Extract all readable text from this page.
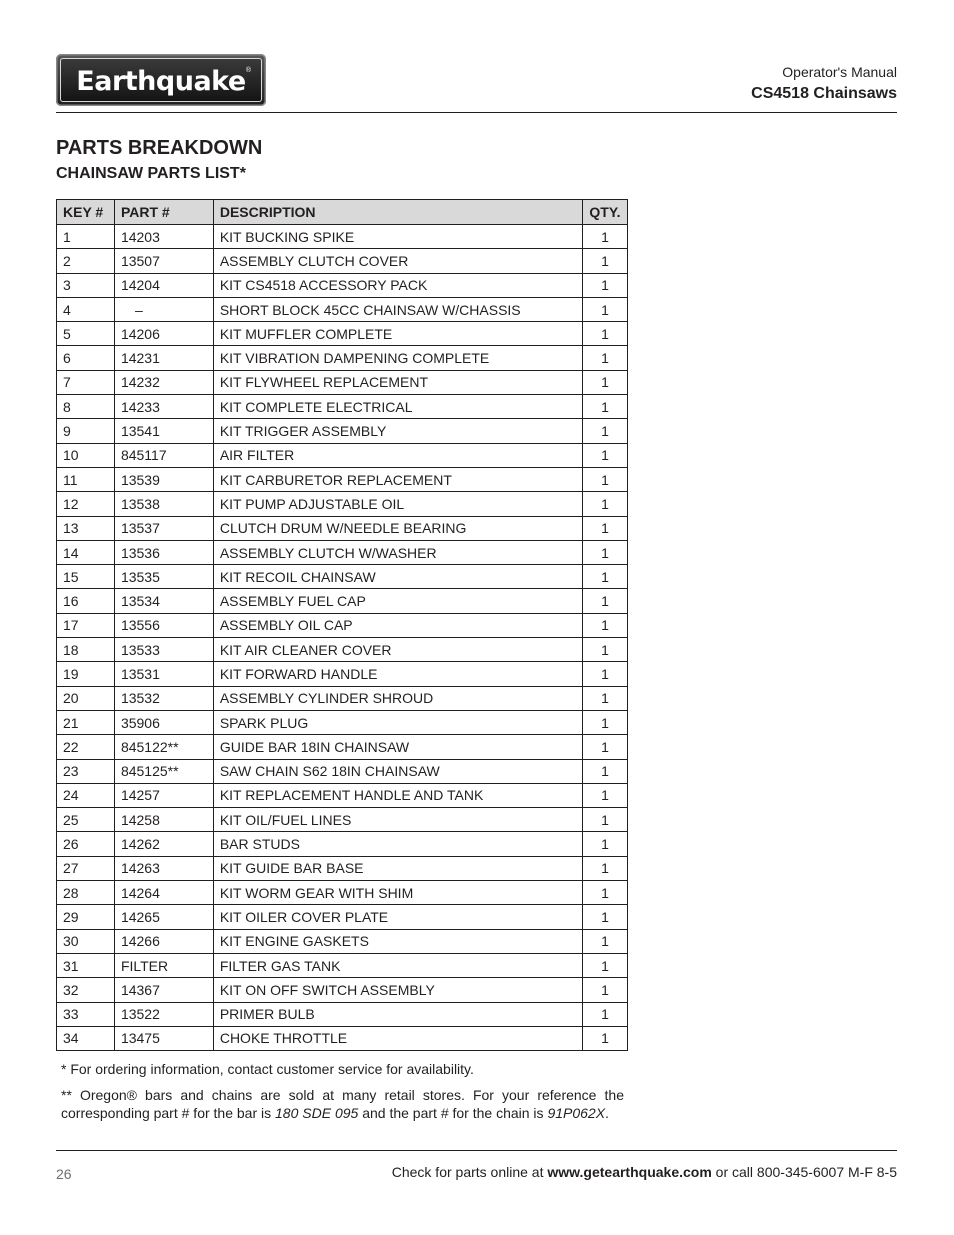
Earthquake ®	Operator's Manual
CS4518 Chainsaws
PARTS BREAKDOWN
CHAINSAW PARTS LIST*
KEY #	PART #	DESCRIPTION	QTY.
1	14203	KIT BUCKING SPIKE	1
2	13507	ASSEMBLY CLUTCH COVER	1
3	14204	KIT CS4518 ACCESSORY PACK	1
4	–	SHORT BLOCK 45CC CHAINSAW W/CHASSIS	1
5	14206	KIT MUFFLER COMPLETE	1
6	14231	KIT VIBRATION DAMPENING COMPLETE	1
7	14232	KIT FLYWHEEL REPLACEMENT	1
8	14233	KIT COMPLETE ELECTRICAL	1
9	13541	KIT TRIGGER ASSEMBLY	1
10	845117	AIR FILTER	1
11	13539	KIT CARBURETOR REPLACEMENT	1
12	13538	KIT PUMP ADJUSTABLE OIL	1
13	13537	CLUTCH DRUM W/NEEDLE BEARING	1
14	13536	ASSEMBLY CLUTCH W/WASHER	1
15	13535	KIT RECOIL CHAINSAW	1
16	13534	ASSEMBLY FUEL CAP	1
17	13556	ASSEMBLY OIL CAP	1
18	13533	KIT AIR CLEANER COVER	1
19	13531	KIT FORWARD HANDLE	1
20	13532	ASSEMBLY CYLINDER SHROUD	1
21	35906	SPARK PLUG	1
22	845122**	GUIDE BAR 18IN CHAINSAW	1
23	845125**	SAW CHAIN S62 18IN CHAINSAW	1
24	14257	KIT REPLACEMENT HANDLE AND TANK	1
25	14258	KIT OIL/FUEL LINES	1
26	14262	BAR STUDS	1
27	14263	KIT GUIDE BAR BASE	1
28	14264	KIT WORM GEAR WITH SHIM	1
29	14265	KIT OILER COVER PLATE	1
30	14266	KIT ENGINE GASKETS	1
31	FILTER	FILTER GAS TANK	1
32	14367	KIT ON OFF SWITCH ASSEMBLY	1
33	13522	PRIMER BULB	1
34	13475	CHOKE THROTTLE	1
* For ordering information, contact customer service for availability.
** Oregon® bars and chains are sold at many retail stores. For your reference the corresponding part # for the bar is 180 SDE 095 and the part # for the chain is 91P062X.
26	Check for parts online at www.getearthquake.com or call 800-345-6007 M-F 8-5
